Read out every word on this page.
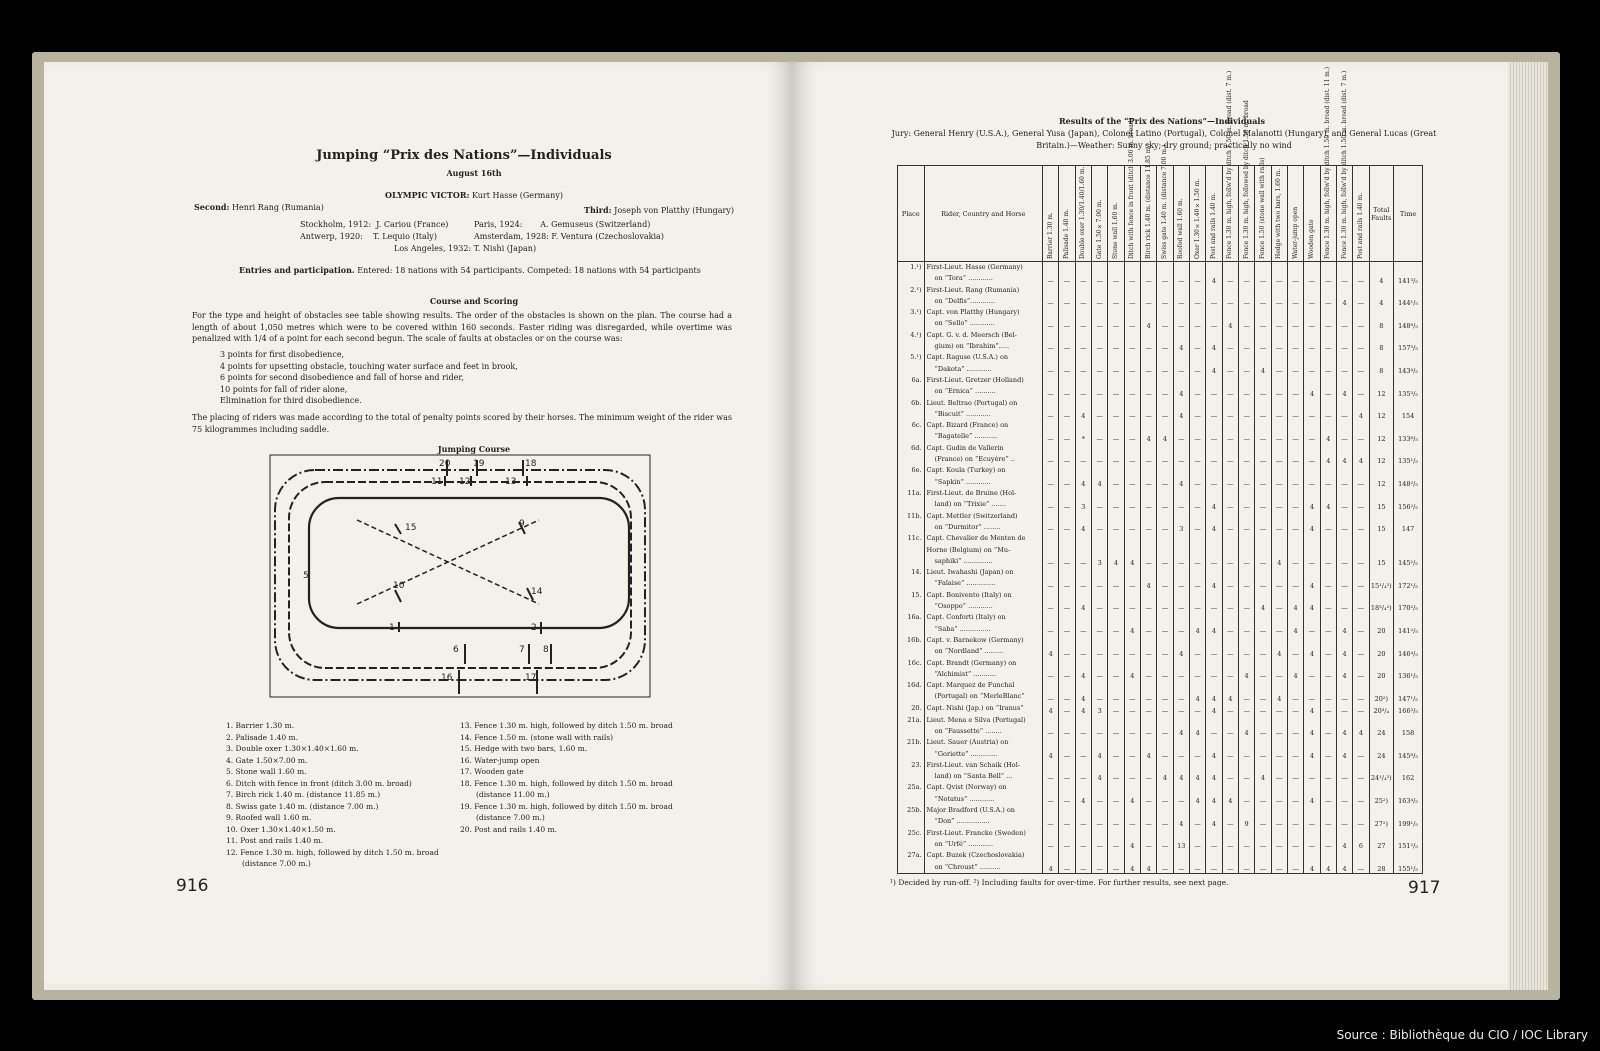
Jumping “Prix des Nations”—Individuals
August 16th
OLYMPIC VICTOR: Kurt Hasse (Germany)
Second: Henri Rang (Rumania)	Third: Joseph von Platthy (Hungary)
Stockholm, 1912:  J. Cariou (France)	Paris, 1924:       A. Gemuseus (Switzerland)
Antwerp, 1920:    T. Lequio (Italy)	Amsterdam, 1928: F. Ventura (Czechoslovakia)
Los Angeles, 1932: T. Nishi (Japan)
Entries and participation. Entered: 18 nations with 54 participants. Competed: 18 nations with 54 participants
Course and Scoring
For the type and height of obstacles see table showing results. The order of the obstacles is shown on the plan. The course had a length of about 1,050 metres which were to be covered within 160 seconds. Faster riding was disregarded, while overtime was penalized with 1/4 of a point for each second begun. The scale of faults at obstacles or on the course was:
3 points for first disobedience,
4 points for upsetting obstacle, touching water surface and feet in brook,
6 points for second disobedience and fall of horse and rider,
10 points for fall of rider alone,
Elimination for third disobedience.
The placing of riders was made according to the total of penalty points scored by their horses. The minimum weight of the rider was 75 kilogrammes including saddle.
Jumping Course
20	19	18
11 12	13
15	9
5
10
14
1	2
6	7 8
16	17
1. Barrier 1.30 m.
2. Palisade 1.40 m.
3. Double oxer 1.30×1.40×1.60 m.
4. Gate 1.50×7.00 m.
5. Stone wall 1.60 m.
6. Ditch with fence in front (ditch 3.00 m. broad)
7. Birch rick 1.40 m. (distance 11.85 m.)
8. Swiss gate 1.40 m. (distance 7.00 m.)
9. Roofed wall 1.60 m.
10. Oxer 1.30×1.40×1.50 m.
11. Post and rails 1.40 m.
12. Fence 1.30 m. high, followed by ditch 1.50 m. broad
(distance 7.00 m.)
13. Fence 1.30 m. high, followed by ditch 1.50 m. broad
14. Fence 1.50 m. (stone wall with rails)
15. Hedge with two bars, 1.60 m.
16. Water-jump open
17. Wooden gate
18. Fence 1.30 m. high, followed by ditch 1.50 m. broad
(distance 11.00 m.)
19. Fence 1.30 m. high, followed by ditch 1.50 m. broad
(distance 7.00 m.)
20. Post and rails 1.40 m.
916
Results of the “Prix des Nations”—Individuals
Jury: General Henry (U.S.A.), General Yusa (Japan), Colonel Latino (Portugal), Colonel Malanotti (Hungary), and General Lucas (Great Britain.)—Weather: Sunny sky; dry ground; practically no wind
Place	Rider, Country and Horse	Barrier 1.30 m.	Palisade 1.40 m.	Double oxer 1.30/1.40/1.60 m.	Gate 1.50×7.00 m.	Stone wall 1.60 m.	Ditch with fence in front (ditch 3.00 m. broad)	Birch rick 1.40 m. (distance 11.85 m.)	Swiss gate 1.40 m. (distance 7.00 m.)	Roofed wall 1.60 m.	Oxer 1.30×1.40×1.50 m.	Post and rails 1.40 m.	Fence 1.30 m. high, follw'd by ditch 1.50 m. broad (dist. 7 m.)	Fence 1.30 m. high, followed by ditch 1.50 m. broad	Fence 1.50 (stone wall with rails)	Hedge with two bars, 1.60 m.	Water-jump open	Wooden gate	Fence 1.30 m. high, follw'd by ditch 1.50 m. broad (dist. 11 m.)	Fence 1.30 m. high, follw'd by ditch 1.50 m. broad (dist. 7 m.)	Post and rails 1.40 m.	Total Faults	Time
1.¹)	First-Lieut. Hasse (Germany)
on “Tora” ............	—	—	—	—	—	—	—	—	—	—	4	—	—	—	—	—	—	—	—	—	4	141³/₅
2.¹)	First-Lieut. Rang (Rumania)
on “Delfis”............	—	—	—	—	—	—	—	—	—	—	—	—	—	—	—	—	—	—	4	—	4	144¹/₅
3.¹)	Capt. von Platthy (Hungary)
on “Sello” ............	—	—	—	—	—	—	4	—	—	—	—	4	—	—	—	—	—	—	—	—	8	148⁸/₅
4.¹)	Capt. G. v. d. Meersch (Bel-
gium) on “Ibrahim”.....	—	—	—	—	—	—	—	—	4	—	4	—	—	—	—	—	—	—	—	—	8	157³/₅
5.¹)	Capt. Raguse (U.S.A.) on
“Dakota” ............	—	—	—	—	—	—	—	—	—	—	4	—	—	4	—	—	—	—	—	—	8	143⁴/₅
6a.	First-Lieut. Gretzer (Holland)
on “Ernica” ..........	—	—	—	—	—	—	—	—	4	—	—	—	—	—	—	—	4	—	4	—	12	135³/₅
6b.	Lieut. Beltrao (Portugal) on
“Biscuit” ............	—	—	4	—	—	—	—	—	4	—	—	—	—	—	—	—	—	—	—	4	12	154
6c.	Capt. Bizard (France) on
“Bagatelle” ...........	—	—	*	—	—	—	4	4	—	—	—	—	—	—	—	—	—	4	—	—	12	133⁸/₅
6d.	Capt. Gudin de Vallerin
(France) on “Ecuyère” ..	—	—	—	—	—	—	—	—	—	—	—	—	—	—	—	—	—	4	4	4	12	135¹/₅
6e.	Capt. Koula (Turkey) on
“Sapkin” ............	—	—	4	4	—	—	—	—	4	—	—	—	—	—	—	—	—	—	—	—	12	148²/₅
11a.	First-Lieut. de Bruine (Hol-
land) on “Trixie” .......	—	—	3	—	—	—	—	—	—	—	4	—	—	—	—	—	4	4	—	—	15	156²/₅
11b.	Capt. Mettler (Switzerland)
on “Durmitor” ........	—	—	4	—	—	—	—	—	3	—	4	—	—	—	—	—	4	—	—	—	15	147
11c.	Capt. Chevalier de Menten de Horne (Belgium) on “Mu-
saphiki” ..............	—	—	—	3	4	4	—	—	—	—	—	—	—	—	4	—	—	—	—	—	15	145²/₅
14.	Lieut. Iwahashi (Japan) on
“Falaise” ..............	—	—	—	—	—	—	4	—	—	—	4	—	—	—	—	—	4	—	—	—	15¹/₄²)	172¹/₅
15.	Capt. Bonivento (Italy) on
“Osoppo” ............	—	—	4	—	—	—	—	—	—	—	—	—	—	4	—	4	4	—	—	—	18³/₄²)	170²/₅
16a.	Capt. Conforti (Italy) on
“Saba” ...............	—	—	—	—	—	4	—	—	—	4	4	—	—	—	—	4	—	—	4	—	20	141²/₅
16b.	Capt. v. Barnekow (Germany)
on “Nordland” .........	4	—	—	—	—	—	—	—	4	—	—	—	—	—	4	—	4	—	4	—	20	146⁴/₅
16c.	Capt. Brandt (Germany) on
“Alchimist” ...........	—	—	4	—	—	4	—	—	—	—	—	—	4	—	—	4	—	—	4	—	20	136¹/₅
16d.	Capt. Marquez de Funchal
(Portugal) on “MerleBlanc”	—	—	4	—	—	—	—	—	—	4	4	4	—	—	4	—	—	—	—	—	20²)	147¹/₅
20.	Capt. Nishi (Jap.) on “Iranus”	4	—	4	3	—	—	—	—	—	—	4	—	—	—	—	—	4	—	—	—	20³/₄	166³/₅
21a.	Lieut. Mena e Silva (Portugal)
on “Faussette” ........	—	—	—	—	—	—	—	—	4	4	—	—	4	—	—	—	4	—	4	4	24	158
21b.	Lieut. Sauer (Austria) on
“Goriette” .............	4	—	—	4	—	—	4	—	—	—	4	—	—	—	—	—	4	—	4	—	24	145⁸/₅
23.	First-Lieut. van Schaik (Hol-
land) on “Santa Bell” ...	—	—	—	4	—	—	—	4	4	4	4	—	—	4	—	—	—	—	—	—	24¹/₄²)	162
25a.	Capt. Qvist (Norway) on
“Notatus” ............	—	—	4	—	—	4	—	—	—	4	4	4	—	—	—	—	4	—	—	—	25²)	163⁴/₅
25b.	Major Bradford (U.S.A.) on
“Don” ................	—	—	—	—	—	—	—	—	4	—	4	—	9	—	—	—	—	—	—	—	27²)	199¹/₅
25c.	First-Lieut. Francke (Sweden)
on “Urfé” ............	—	—	—	—	—	4	—	—	13	—	—	—	—	—	—	—	—	—	4	6	27	151²/₅
27a.	Capt. Buzek (Czechoslovakia)
on “Chroust” ..........	4	—	—	—	—	4	4	—	—	—	—	—	—	—	—	—	4	4	4	—	28	155¹/₅
¹) Decided by run-off. ²) Including faults for over-time. For further results, see next page.	917
Source : Bibliothèque du CIO / IOC Library
